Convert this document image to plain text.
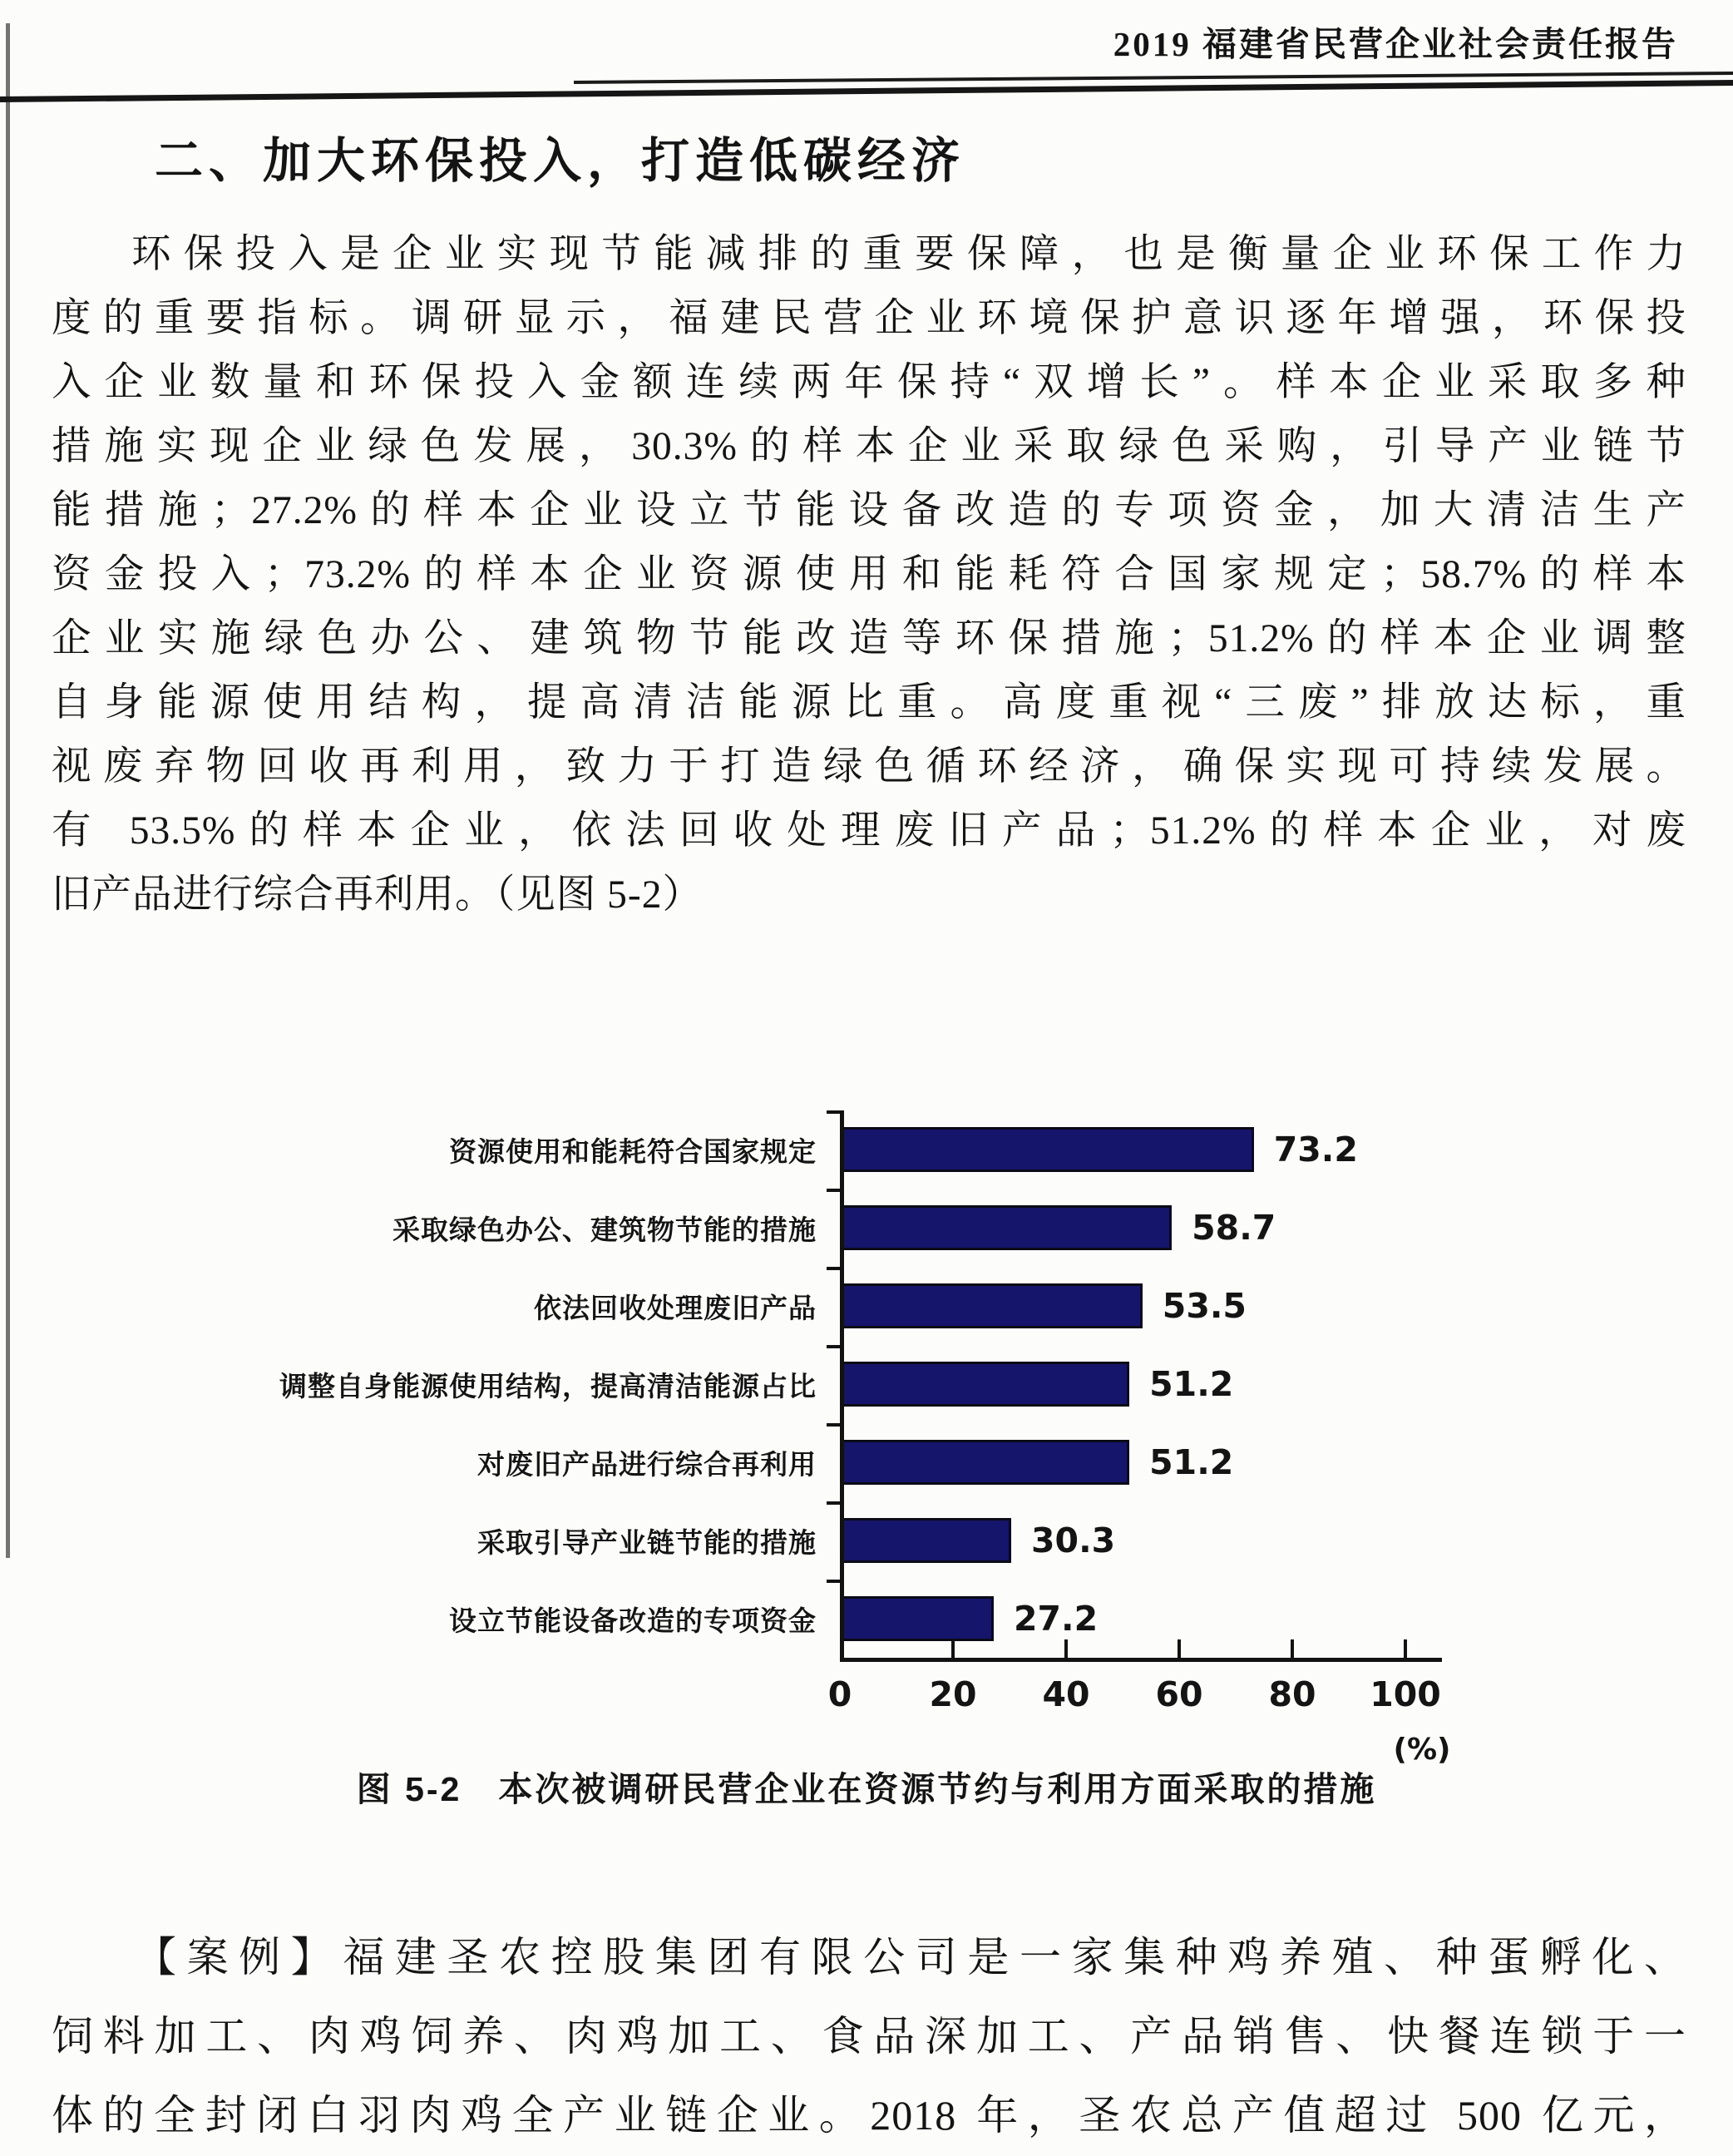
2019 福建省民营企业社会责任报告
二、加大环保投入，打造低碳经济
环保投入是企业实现节能减排的重要保障，也是衡量企业环保工作力
度的重要指标。调研显示，福建民营企业环境保护意识逐年增强，环保投
入企业数量和环保投入金额连续两年保持“双增长”。样本企业采取多种
措施实现企业绿色发展，30.3%的样本企业采取绿色采购，引导产业链节
能措施；27.2%的样本企业设立节能设备改造的专项资金，加大清洁生产
资金投入；73.2%的样本企业资源使用和能耗符合国家规定；58.7%的样本
企业实施绿色办公、建筑物节能改造等环保措施；51.2%的样本企业调整
自身能源使用结构，提高清洁能源比重。高度重视“三废”排放达标，重
视废弃物回收再利用，致力于打造绿色循环经济，确保实现可持续发展。
有 53.5%的样本企业，依法回收处理废旧产品；51.2%的样本企业，对废
旧产品进行综合再利用。（见图 5-2）
资源使用和能耗符合国家规定	73.2
采取绿色办公、建筑物节能的措施	58.7
依法回收处理废旧产品	53.5
调整自身能源使用结构，提高清洁能源占比	51.2
对废旧产品进行综合再利用	51.2
采取引导产业链节能的措施	30.3
设立节能设备改造的专项资金	27.2
0 20 40 60 80 100
(%)
图 5-2　本次被调研民营企业在资源节约与利用方面采取的措施
【案例】福建圣农控股集团有限公司是一家集种鸡养殖、种蛋孵化、
饲料加工、肉鸡饲养、肉鸡加工、食品深加工、产品销售、快餐连锁于一
体的全封闭白羽肉鸡全产业链企业。2018 年，圣农总产值超过 500 亿元，
